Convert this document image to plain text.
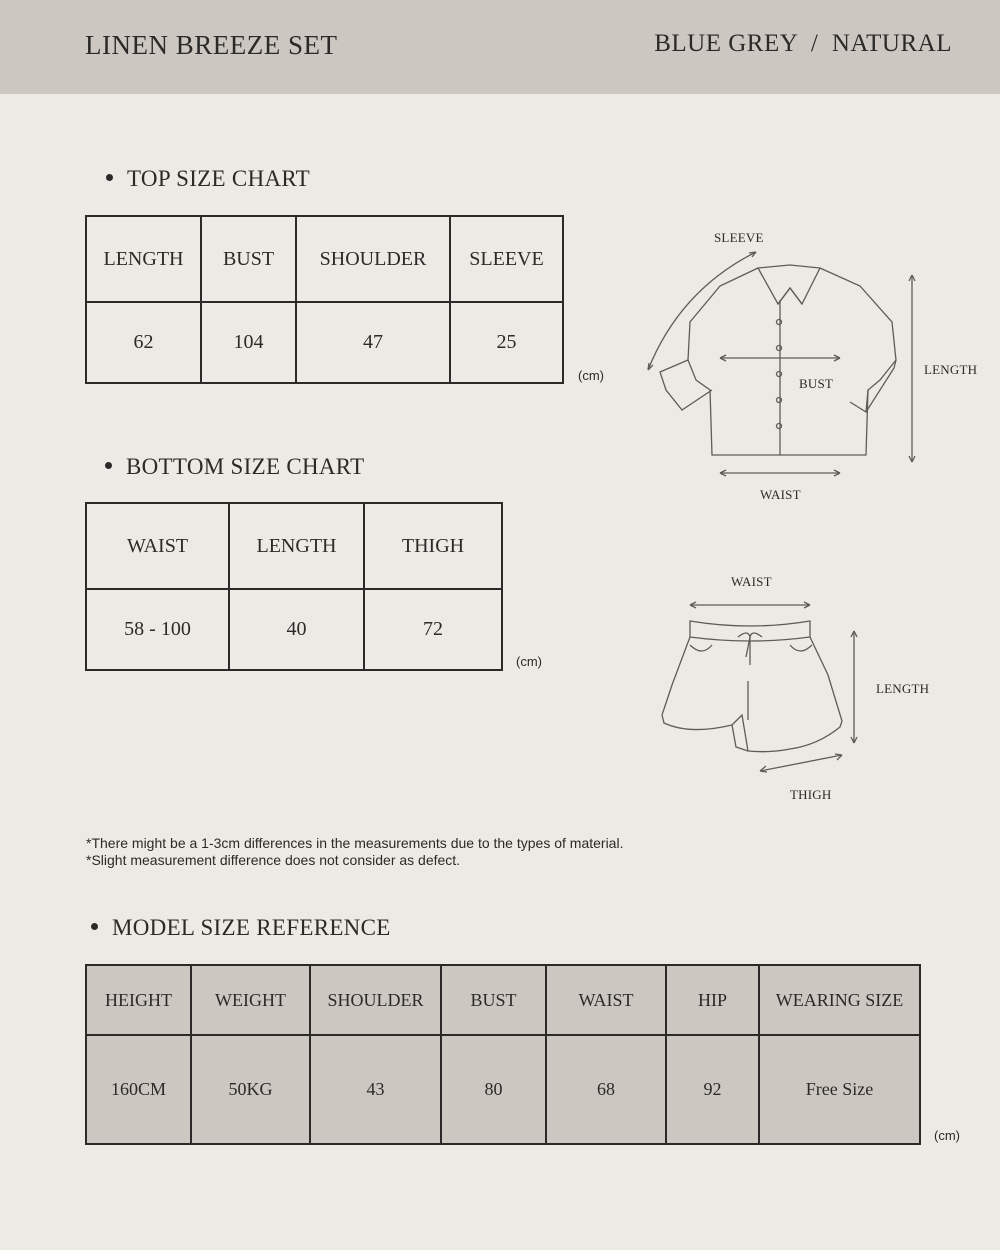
LINEN BREEZE SET	BLUE GREY  /  NATURAL
TOP SIZE CHART
LENGTH	BUST	SHOULDER	SLEEVE
62	104	47	25
(cm)
SLEEVE
BUST
LENGTH
WAIST
BOTTOM SIZE CHART
WAIST	LENGTH	THIGH
58 - 100	40	72
(cm)
WAIST
LENGTH
THIGH
*There might be a 1-3cm differences in the measurements due to the types of material.
*Slight measurement difference does not consider as defect.
MODEL SIZE REFERENCE
HEIGHT	WEIGHT	SHOULDER	BUST	WAIST	HIP	WEARING SIZE
160CM	50KG	43	80	68	92	Free Size
(cm)
